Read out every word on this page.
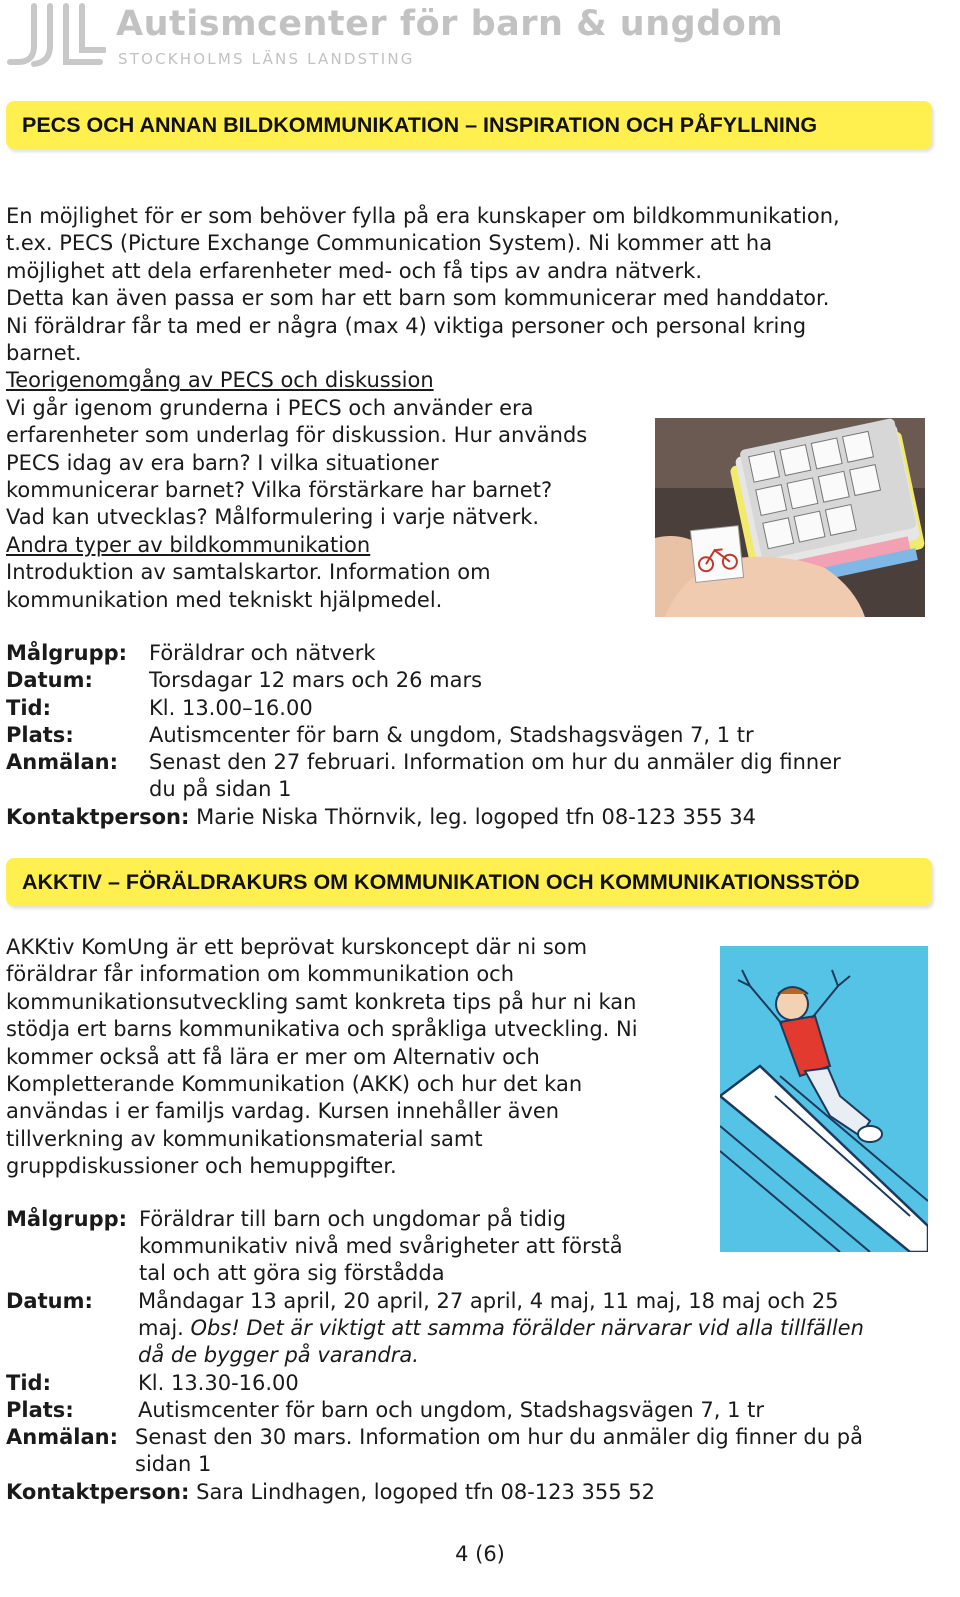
Autismcenter för barn & ungdom
STOCKHOLMS LÄNS LANDSTING
PECS OCH ANNAN BILDKOMMUNIKATION – INSPIRATION OCH PÅFYLLNING

En möjlighet för er som behöver fylla på era kunskaper om bildkommunikation,

t.ex. PECS (Picture Exchange Communication System). Ni kommer att ha

möjlighet att dela erfarenheter med- och få tips av andra nätverk.

Detta kan även passa er som har ett barn som kommunicerar med handdator.

Ni föräldrar får ta med er några (max 4) viktiga personer och personal kring

barnet.

Teorigenomgång av PECS och diskussion

Vi går igenom grunderna i PECS och använder era

erfarenheter som underlag för diskussion. Hur används

PECS idag av era barn? I vilka situationer

kommunicerar barnet? Vilka förstärkare har barnet?

Vad kan utvecklas? Målformulering i varje nätverk.

Andra typer av bildkommunikation

Introduktion av samtalskartor. Information om

kommunikation med tekniskt hjälpmedel.

Målgrupp: Föräldrar och nätverk
Datum:	Torsdagar 12 mars och 26 mars
Tid:	Kl. 13.00–16.00
Plats:	Autismcenter för barn & ungdom, Stadshagsvägen 7, 1 tr
Anmälan: Senast den 27 februari. Information om hur du anmäler dig finner
du på sidan 1
Kontaktperson: Marie Niska Thörnvik, leg. logoped tfn 08-123 355 34
AKKTIV – FÖRÄLDRAKURS OM KOMMUNIKATION OCH KOMMUNIKATIONSSTÖD

AKKtiv KomUng är ett beprövat kurskoncept där ni som

föräldrar får information om kommunikation och

kommunikationsutveckling samt konkreta tips på hur ni kan

stödja ert barns kommunikativa och språkliga utveckling. Ni

kommer också att få lära er mer om Alternativ och

Kompletterande Kommunikation (AKK) och hur det kan

användas i er familjs vardag. Kursen innehåller även

tillverkning av kommunikationsmaterial samt

gruppdiskussioner och hemuppgifter.

Målgrupp: Föräldrar till barn och ungdomar på tidig
kommunikativ nivå med svårigheter att förstå
tal och att göra sig förstådda
Datum: Måndagar 13 april, 20 april, 27 april, 4 maj, 11 maj, 18 maj och 25
maj. Obs! Det är viktigt att samma förälder närvarar vid alla tillfällen
då de bygger på varandra.
Tid:	Kl. 13.30-16.00
Plats:	Autismcenter för barn och ungdom, Stadshagsvägen 7, 1 tr
Anmälan: Senast den 30 mars. Information om hur du anmäler dig finner du på
sidan 1
Kontaktperson: Sara Lindhagen, logoped tfn 08-123 355 52
4 (6)
